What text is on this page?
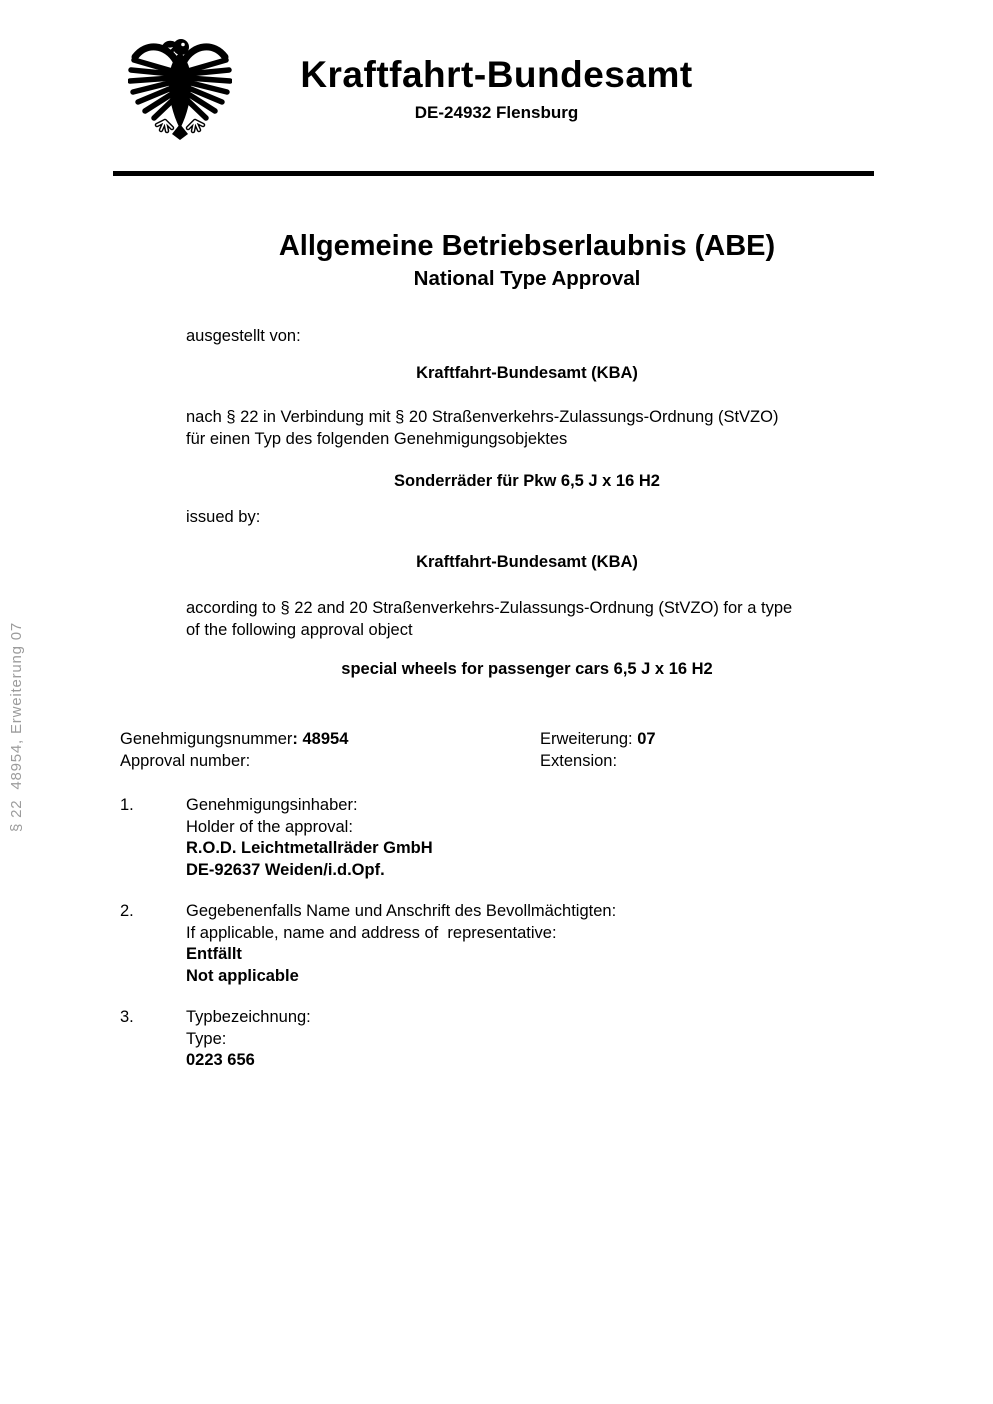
Kraftfahrt-Bundesamt
DE-24932 Flensburg
Allgemeine Betriebserlaubnis (ABE)
National Type Approval
ausgestellt von:
Kraftfahrt-Bundesamt (KBA)
nach § 22 in Verbindung mit § 20 Straßenverkehrs-Zulassungs-Ordnung (StVZO)
für einen Typ des folgenden Genehmigungsobjektes
Sonderräder für Pkw 6,5 J x 16 H2
issued by:
Kraftfahrt-Bundesamt (KBA)
according to § 22 and 20 Straßenverkehrs-Zulassungs-Ordnung (StVZO) for a type
of the following approval object
special wheels for passenger cars 6,5 J x 16 H2
Genehmigungsnummer: 48954
Approval number:
Erweiterung: 07
Extension:
1.	Genehmigungsinhaber:
Holder of the approval:
R.O.D. Leichtmetallräder GmbH
DE-92637 Weiden/i.d.Opf.
2.	Gegebenenfalls Name und Anschrift des Bevollmächtigten:
If applicable, name and address of  representative:
Entfällt
Not applicable
3.	Typbezeichnung:
Type:
0223 656
§ 22  48954, Erweiterung 07
